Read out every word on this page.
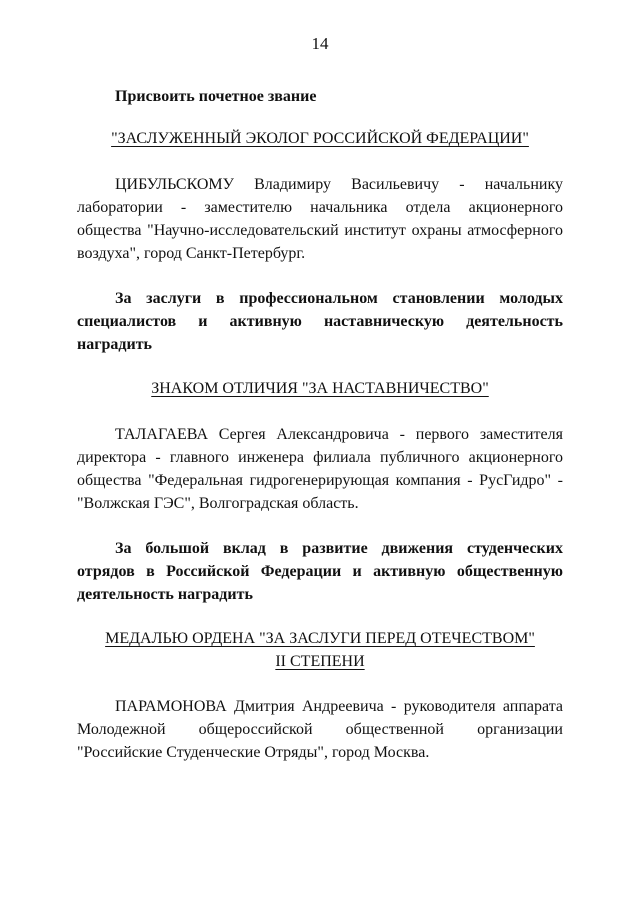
14
Присвоить почетное звание
"ЗАСЛУЖЕННЫЙ ЭКОЛОГ РОССИЙСКОЙ ФЕДЕРАЦИИ"
ЦИБУЛЬСКОМУ Владимиру Васильевичу - начальнику
лаборатории - заместителю начальника отдела акционерного
общества "Научно-исследовательский институт охраны атмосферного
воздуха", город Санкт-Петербург.
За заслуги в профессиональном становлении молодых
специалистов и активную наставническую деятельность
наградить
ЗНАКОМ ОТЛИЧИЯ "ЗА НАСТАВНИЧЕСТВО"
ТАЛАГАЕВА Сергея Александровича - первого заместителя
директора - главного инженера филиала публичного акционерного
общества "Федеральная гидрогенерирующая компания - РусГидро" -
"Волжская ГЭС", Волгоградская область.
За большой вклад в развитие движения студенческих
отрядов в Российской Федерации и активную общественную
деятельность наградить
МЕДАЛЬЮ ОРДЕНА "ЗА ЗАСЛУГИ ПЕРЕД ОТЕЧЕСТВОМ"
II СТЕПЕНИ
ПАРАМОНОВА Дмитрия Андреевича - руководителя аппарата
Молодежной общероссийской общественной организации
"Российские Студенческие Отряды", город Москва.
